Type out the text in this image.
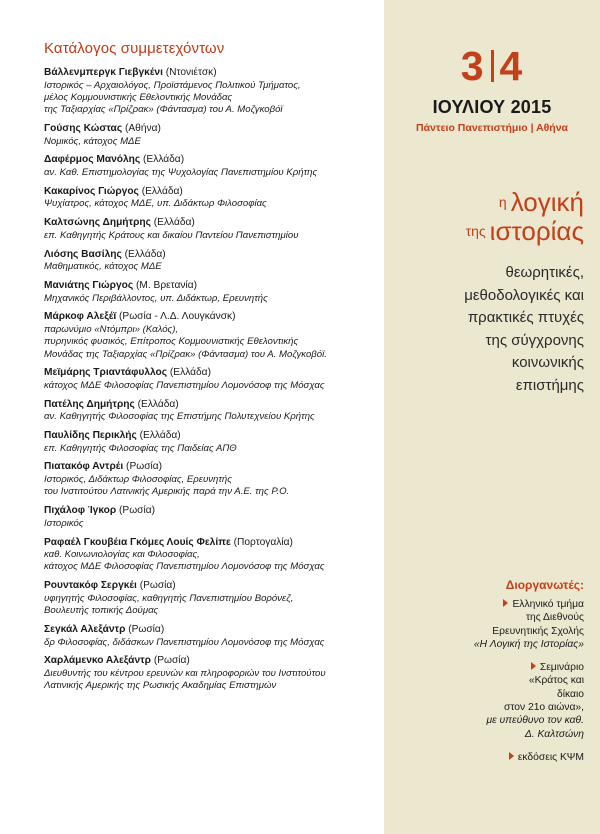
Κατάλογος συμμετεχόντων
Βάλλενμπεργκ Γιεβγκένι (Ντονιέτσκ)
Ιστορικός – Αρχαιολόγος, Προϊστάμενος Πολιτικού Τμήματος,
μέλος Κομμουνιστικής Εθελοντικής Μονάδας
της Ταξιαρχίας «Πρίζρακ» (Φάντασμα) του Α. Μοζγκοβόϊ
Γούσης Κώστας (Αθήνα)
Νομικός, κάτοχος ΜΔΕ
Δαφέρμος Μανόλης (Ελλάδα)
αν. Καθ. Επιστημολογίας της Ψυχολογίας Πανεπιστημίου Κρήτης
Κακαρίνος Γιώργος (Ελλάδα)
Ψυχίατρος, κάτοχος ΜΔΕ, υπ. Διδάκτωρ Φιλοσοφίας
Καλτσώνης Δημήτρης (Ελλάδα)
επ. Καθηγητής Κράτους και δικαίου Παντείου Πανεπιστημίου
Λιόσης Βασίλης (Ελλάδα)
Μαθηματικός, κάτοχος ΜΔΕ
Μανιάτης Γιώργος (Μ. Βρετανία)
Μηχανικός Περιβάλλοντος, υπ. Διδάκτωρ, Ερευνητής
Μάρκοφ Αλεξέϊ (Ρωσία - Λ.Δ. Λουγκάνσκ)
παρωνύμιο «Ντόμπρι» (Καλός),
πυρηνικός φυσικός, Επίτροπος Κομμουνιστικής Εθελοντικής
Μονάδας της Ταξιαρχίας «Πρίζρακ» (Φάντασμα) του Α. Μοζγκοβόϊ.
Μεϊμάρης Τριαντάφυλλος (Ελλάδα)
κάτοχος ΜΔΕ Φιλοσοφίας Πανεπιστημίου Λομονόσοφ της Μόσχας
Πατέλης Δημήτρης (Ελλάδα)
αν. Καθηγητής Φιλοσοφίας της Επιστήμης Πολυτεχνείου Κρήτης
Παυλίδης Περικλής (Ελλάδα)
επ. Καθηγητής Φιλοσοφίας της Παιδείας ΑΠΘ
Πιατακόφ Αντρέι (Ρωσία)
Ιστορικός, Διδάκτωρ Φιλοσοφίας, Ερευνητής
του Ινστιτούτου Λατινικής Αμερικής παρά την Α.Ε. της Ρ.Ο.
Πιχάλοφ Ίγκορ (Ρωσία)
Ιστορικός
Ραφαέλ Γκουβέια Γκόμες Λουίς Φελίπε (Πορτογαλία)
καθ. Κοινωνιολογίας και Φιλοσοφίας,
κάτοχος ΜΔΕ Φιλοσοφίας Πανεπιστημίου Λομονόσοφ της Μόσχας
Ρουντακόφ Σεργκέι (Ρωσία)
υφηγητής Φιλοσοφίας, καθηγητής Πανεπιστημίου Βορόνεζ,
Βουλευτής τοπικής Δούμας
Σεγκάλ Αλεξάντρ (Ρωσία)
δρ Φιλοσοφίας, διδάσκων Πανεπιστημίου Λομονόσοφ της Μόσχας
Χαρλάμενκο Αλεξάντρ (Ρωσία)
Διευθυντής του κέντρου ερευνών και πληροφοριών του Ινστιτούτου
Λατινικής Αμερικής της Ρωσικής Ακαδημίας Επιστημών
3 4
ΙΟΥΛΙΟΥ 2015
Πάντειο Πανεπιστήμιο | Αθήνα
η λογική
της ιστορίας
θεωρητικές,
μεθοδολογικές και
πρακτικές πτυχές
της σύγχρονης
κοινωνικής
επιστήμης
Διοργανωτές:
Ελληνικό τμήμα
της Διεθνούς
Ερευνητικής Σχολής
«Η Λογική της Ιστορίας»
Σεμινάριο
«Κράτος και
δίκαιο
στον 21ο αιώνα»,
με υπεύθυνο τον καθ.
Δ. Καλτσώνη
εκδόσεις ΚΨΜ
